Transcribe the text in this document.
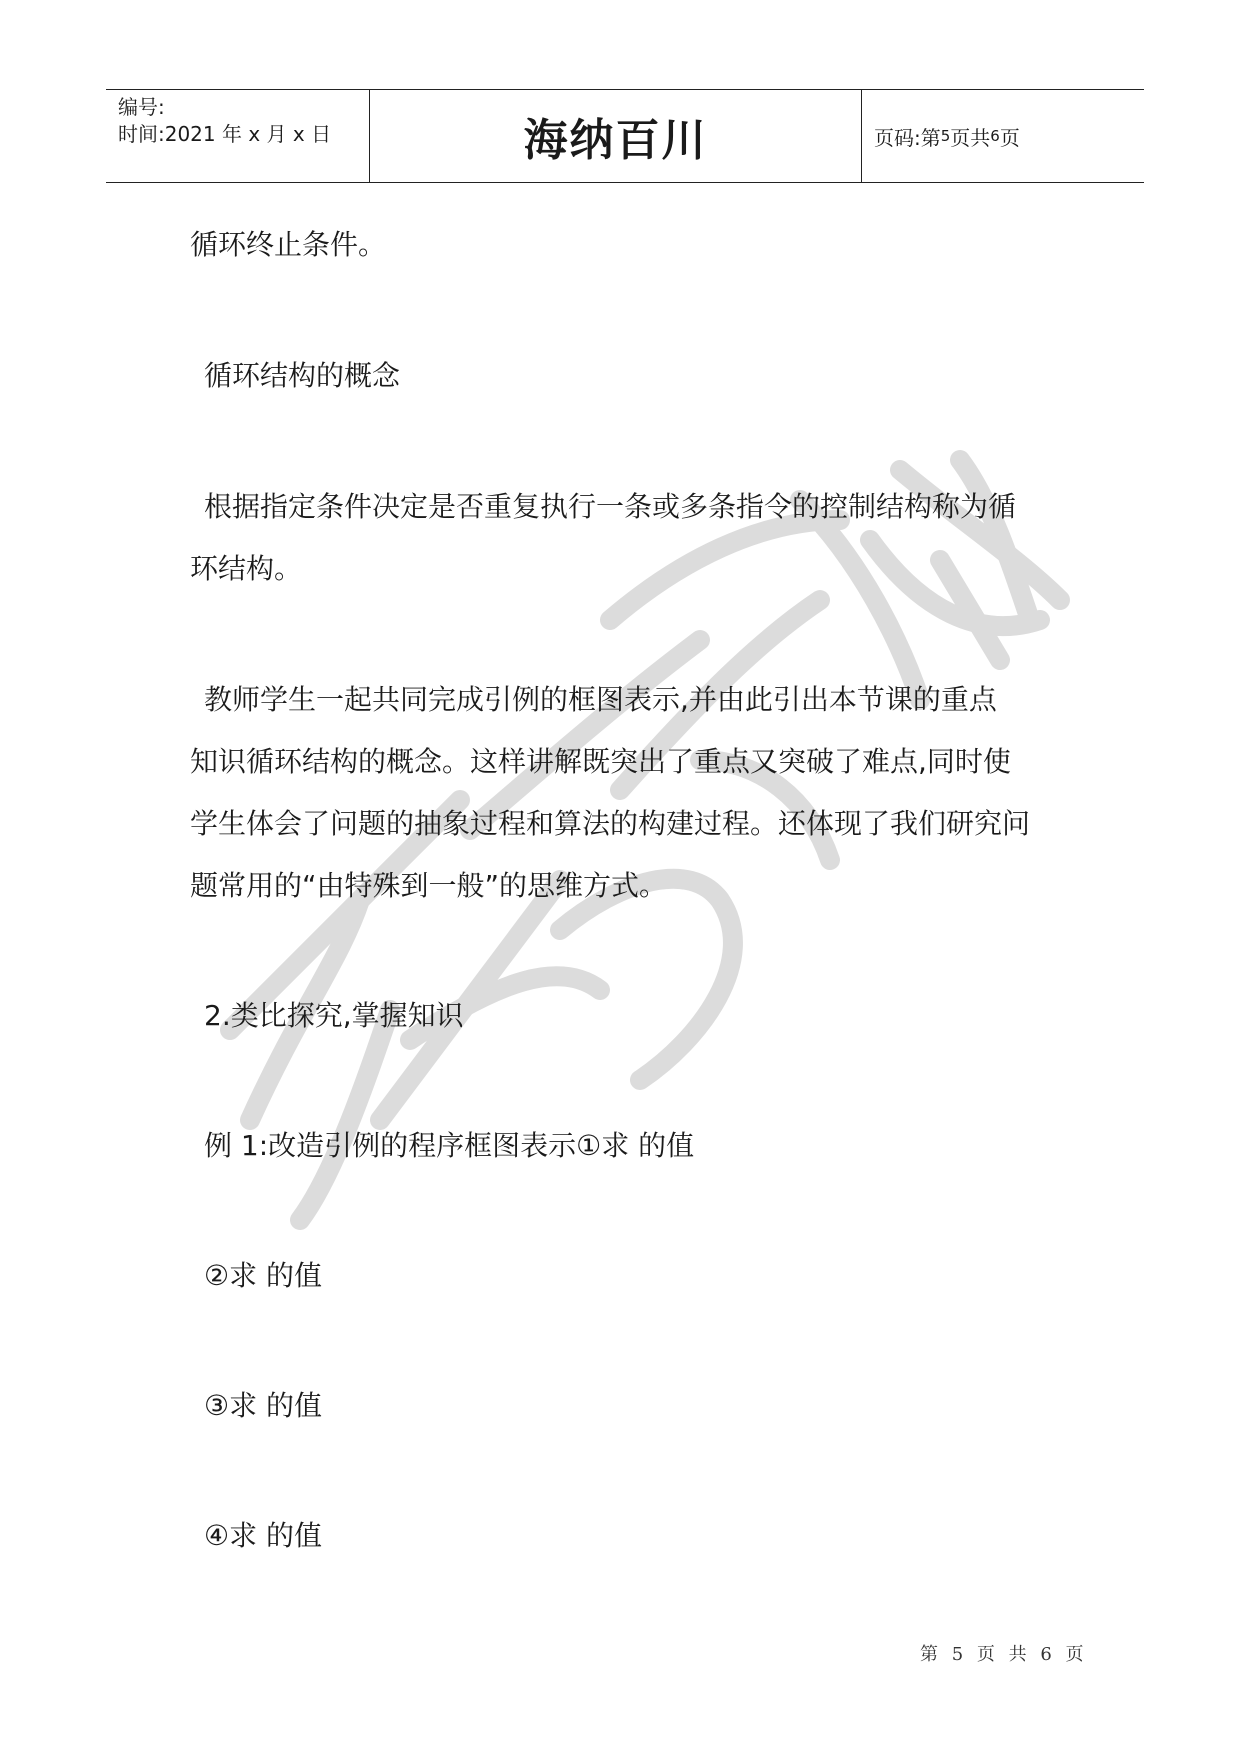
编号:
时间:2021 年 x 月 x 日	海纳百川	页码:第 5 页共 6 页
循环终止条件。
循环结构的概念
根据指定条件决定是否重复执行一条或多条指令的控制结构称为循
环结构。
教师学生一起共同完成引例的框图表示,并由此引出本节课的重点
知识循环结构的概念。这样讲解既突出了重点又突破了难点,同时使
学生体会了问题的抽象过程和算法的构建过程。还体现了我们研究问
题常用的“由特殊到一般”的思维方式。
2.类比探究,掌握知识
例 1:改造引例的程序框图表示①求 的值
②求 的值
③求 的值
④求 的值
第 5 页 共 6 页
